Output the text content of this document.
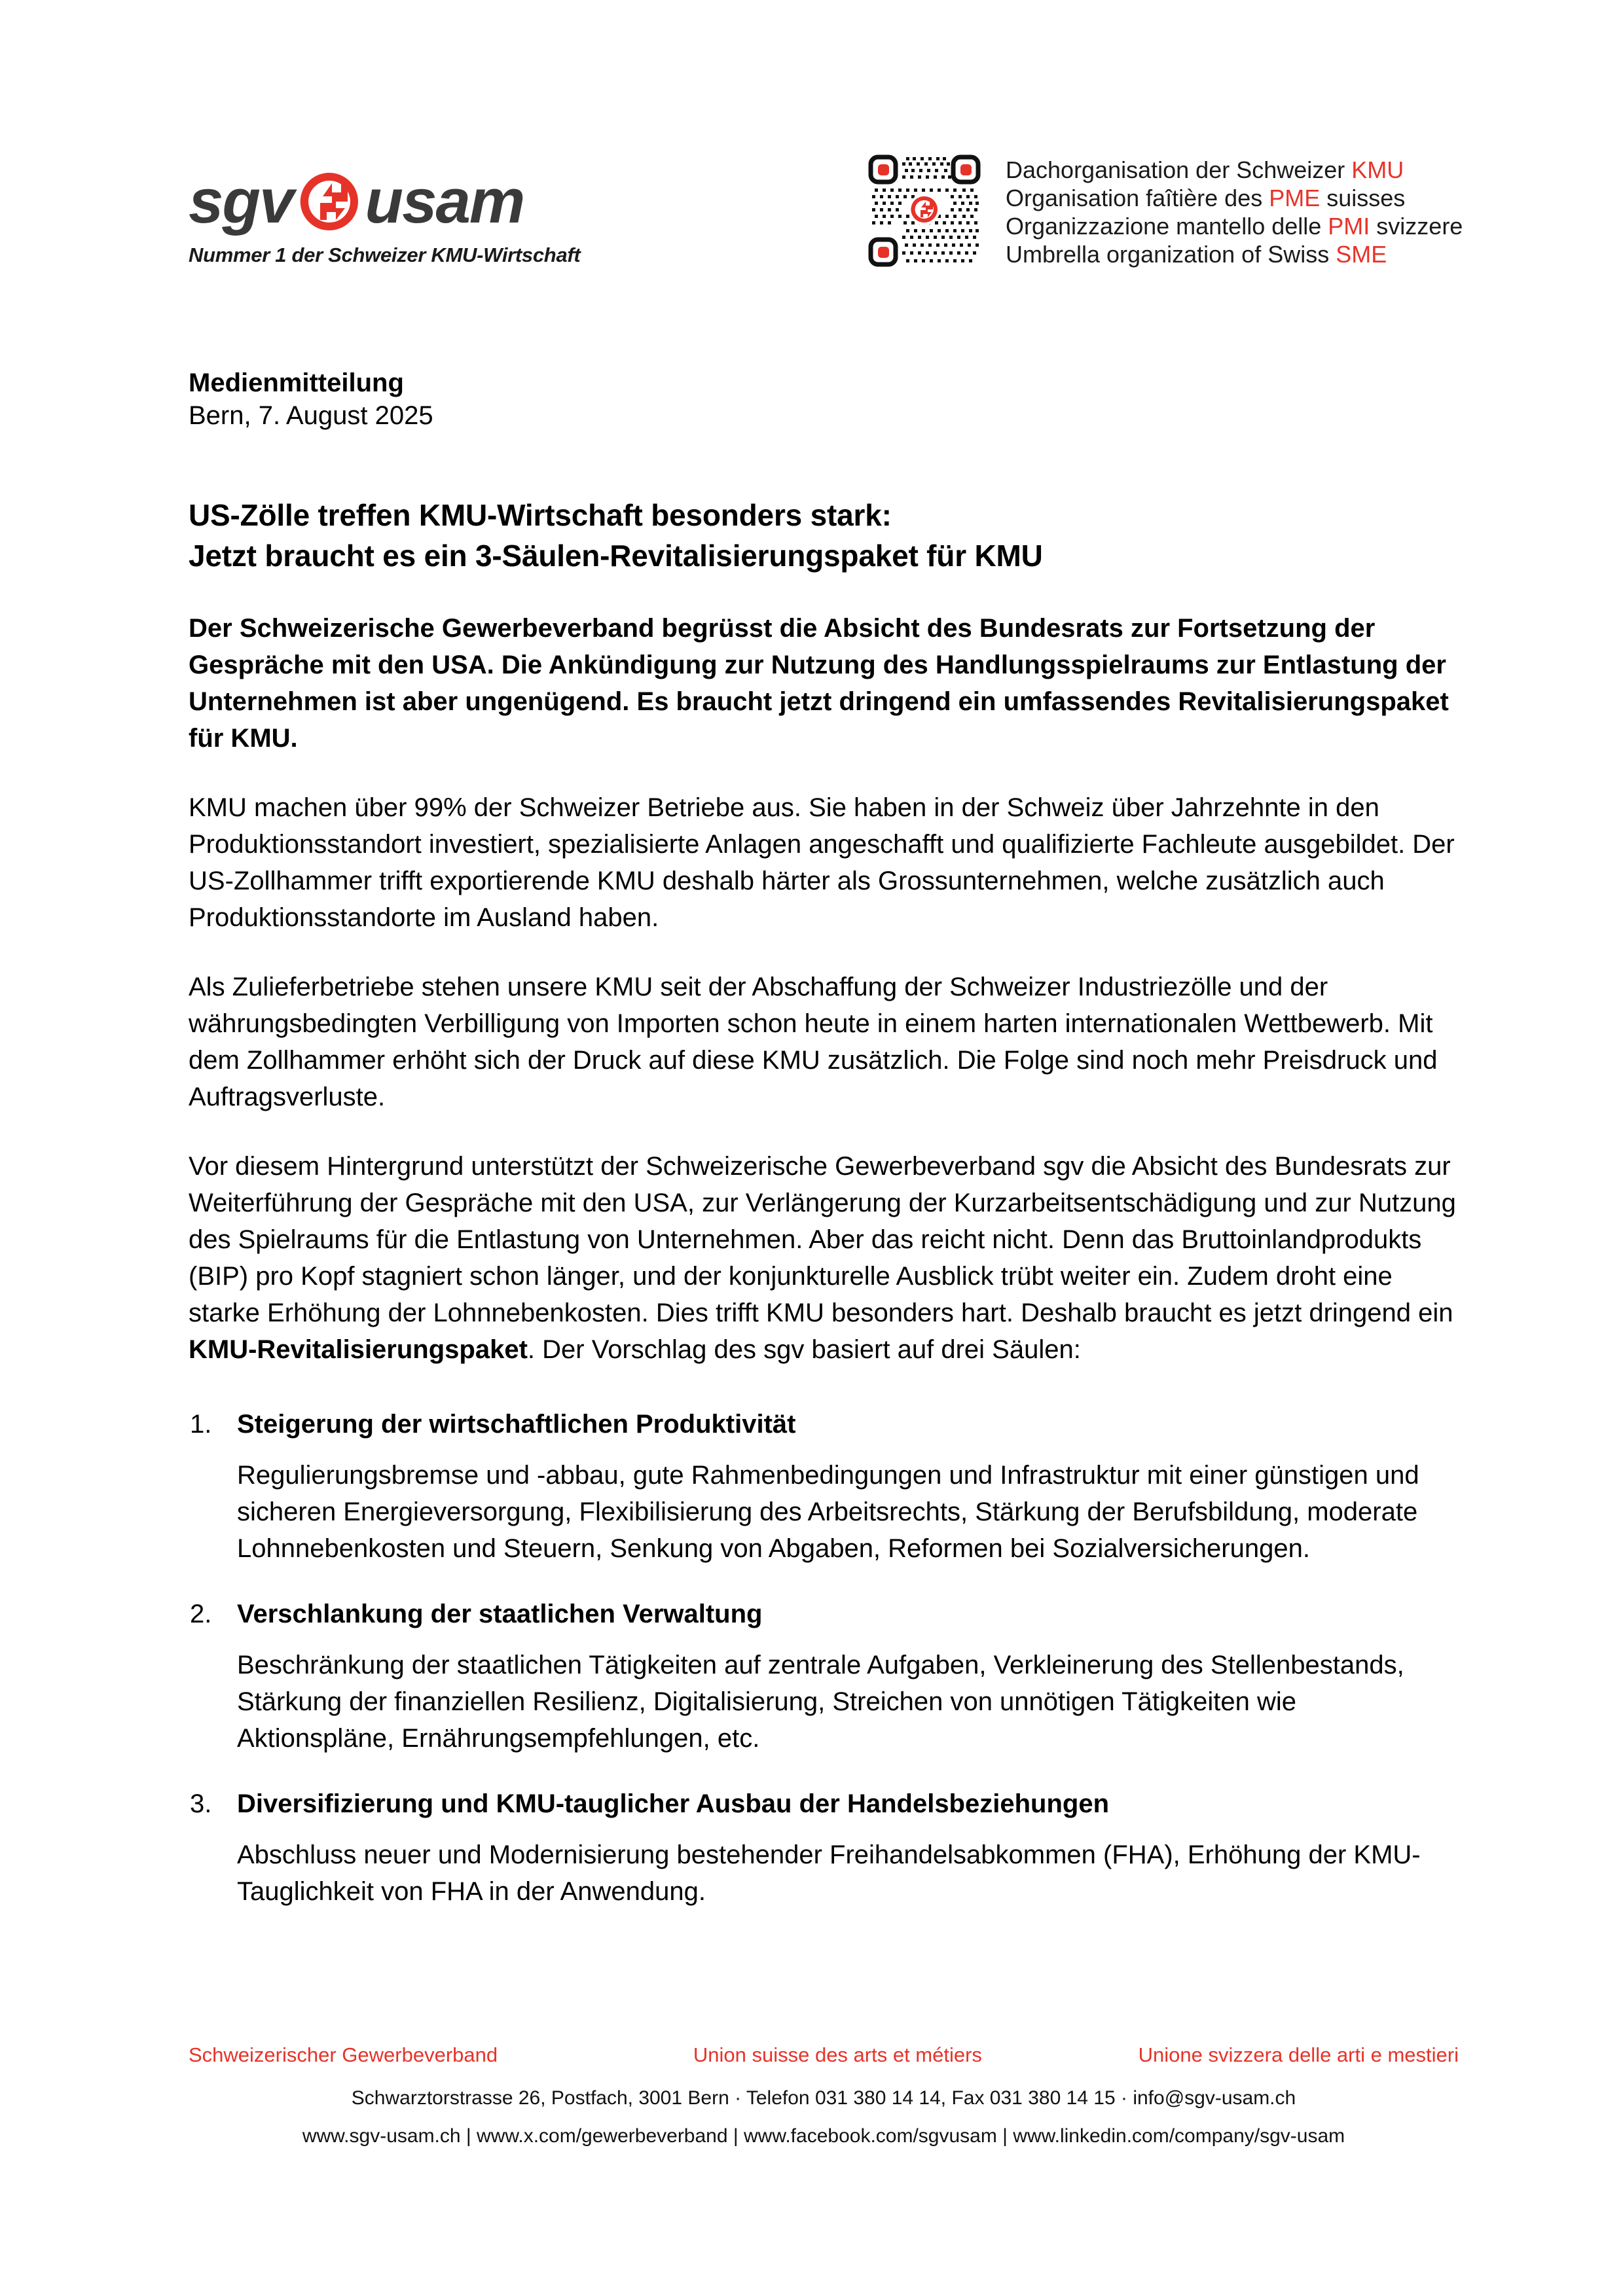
sgv usam
Nummer 1 der Schweizer KMU-Wirtschaft
Dachorganisation der Schweizer KMU
Organisation faîtière des PME suisses
Organizzazione mantello delle PMI svizzere
Umbrella organization of Swiss SME
Medienmitteilung
Bern, 7. August 2025
US-Zölle treffen KMU-Wirtschaft besonders stark:
Jetzt braucht es ein 3-Säulen-Revitalisierungspaket für KMU
Der Schweizerische Gewerbeverband begrüsst die Absicht des Bundesrats zur Fortsetzung der Gespräche mit den USA. Die Ankündigung zur Nutzung des Handlungsspielraums zur Entlastung der Unternehmen ist aber ungenügend. Es braucht jetzt dringend ein umfassendes Revitalisierungspaket für KMU.

KMU machen über 99% der Schweizer Betriebe aus. Sie haben in der Schweiz über Jahrzehnte in den Produktionsstandort investiert, spezialisierte Anlagen angeschafft und qualifizierte Fachleute ausgebildet. Der US-Zollhammer trifft exportierende KMU deshalb härter als Grossunternehmen, welche zusätzlich auch Produktionsstandorte im Ausland haben.

Als Zulieferbetriebe stehen unsere KMU seit der Abschaffung der Schweizer Industriezölle und der währungsbedingten Verbilligung von Importen schon heute in einem harten internationalen Wettbewerb. Mit dem Zollhammer erhöht sich der Druck auf diese KMU zusätzlich. Die Folge sind noch mehr Preisdruck und Auftragsverluste.

Vor diesem Hintergrund unterstützt der Schweizerische Gewerbeverband sgv die Absicht des Bundesrats zur Weiterführung der Gespräche mit den USA, zur Verlängerung der Kurzarbeitsentschädigung und zur Nutzung des Spielraums für die Entlastung von Unternehmen. Aber das reicht nicht. Denn das Bruttoinlandprodukts (BIP) pro Kopf stagniert schon länger, und der konjunkturelle Ausblick trübt weiter ein. Zudem droht eine starke Erhöhung der Lohnnebenkosten. Dies trifft KMU besonders hart. Deshalb braucht es jetzt dringend ein KMU-Revitalisierungspaket. Der Vorschlag des sgv basiert auf drei Säulen:

Steigerung der wirtschaftlichen Produktivität
Regulierungsbremse und -abbau, gute Rahmenbedingungen und Infrastruktur mit einer günstigen und sicheren Energieversorgung, Flexibilisierung des Arbeitsrechts, Stärkung der Berufsbildung, moderate Lohnnebenkosten und Steuern, Senkung von Abgaben, Reformen bei Sozialversicherungen.
Verschlankung der staatlichen Verwaltung
Beschränkung der staatlichen Tätigkeiten auf zentrale Aufgaben, Verkleinerung des Stellenbestands, Stärkung der finanziellen Resilienz, Digitalisierung, Streichen von unnötigen Tätigkeiten wie Aktionspläne, Ernährungsempfehlungen, etc.
Diversifizierung und KMU-tauglicher Ausbau der Handelsbeziehungen
Abschluss neuer und Modernisierung bestehender Freihandelsabkommen (FHA), Erhöhung der KMU-Tauglichkeit von FHA in der Anwendung.
Schweizerischer Gewerbeverband	Union suisse des arts et métiers	Unione svizzera delle arti e mestieri
Schwarztorstrasse 26, Postfach, 3001 Bern · Telefon 031 380 14 14, Fax 031 380 14 15 · info@sgv-usam.ch
www.sgv-usam.ch | www.x.com/gewerbeverband | www.facebook.com/sgvusam | www.linkedin.com/company/sgv-usam
